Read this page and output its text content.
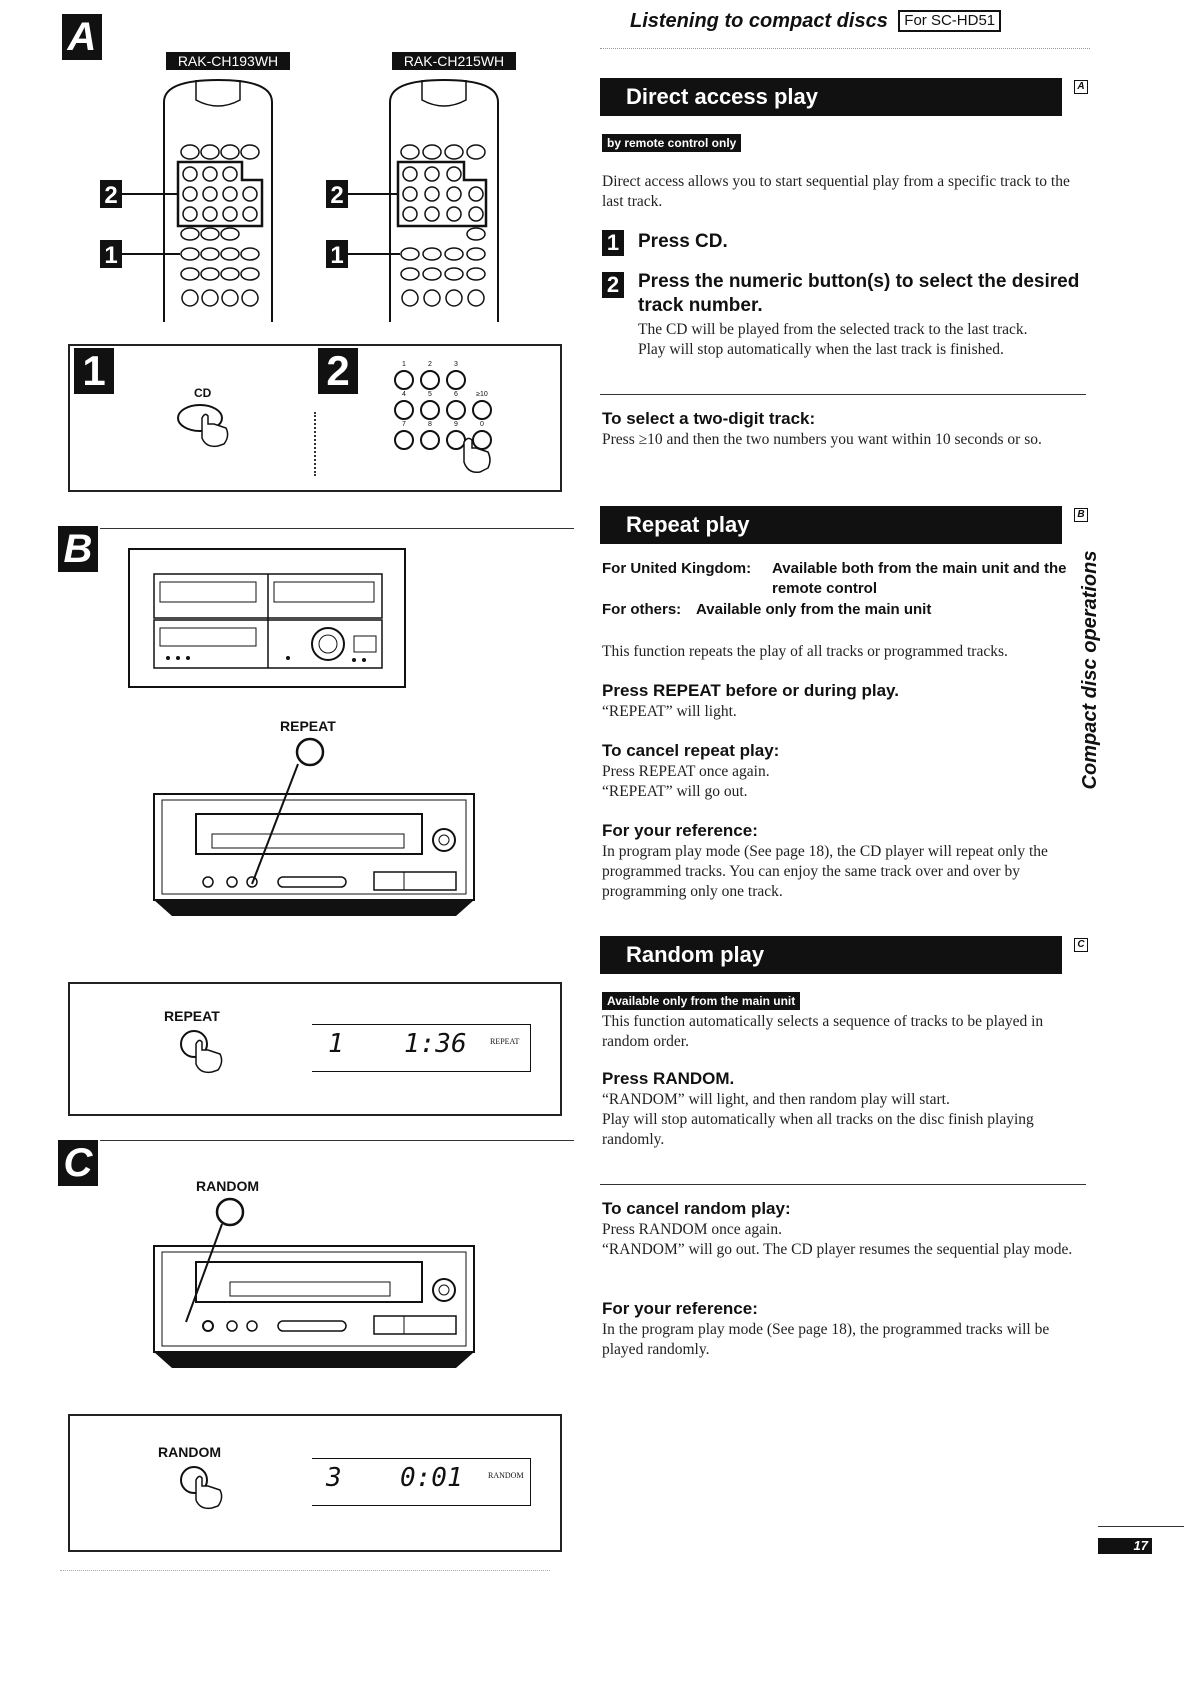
Listening to compact discs For SC-HD51
A
RAK-CH193WH	RAK-CH215WH
2
1
2
1
1	2
CD
1	2	3
4	5	6	≥10
7	8	9	0
B
REPEAT
REPEAT
1 1:36	REPEAT
C
RANDOM
RANDOM
3 0:01	RANDOM
Direct access play	A
by remote control only
Direct access allows you to start sequential play from a specific track to the last track.
1 Press CD.
2 Press the numeric button(s) to select the desired track number.
The CD will be played from the selected track to the last track.
Play will stop automatically when the last track is finished.
To select a two-digit track:
Press ≥10 and then the two numbers you want within 10 seconds or so.
Repeat play	B
For United Kingdom: Available both from the main unit and the
remote control
For others: Available only from the main unit
This function repeats the play of all tracks or programmed tracks.
Press REPEAT before or during play.
“REPEAT” will light.
To cancel repeat play:
Press REPEAT once again.
“REPEAT” will go out.
For your reference:
In program play mode (See page 18), the CD player will repeat only the programmed tracks. You can enjoy the same track over and over by programming only one track.
Random play	C
Available only from the main unit
This function automatically selects a sequence of tracks to be played in random order.
Press RANDOM.
“RANDOM” will light, and then random play will start.
Play will stop automatically when all tracks on the disc finish playing randomly.
To cancel random play:
Press RANDOM once again.
“RANDOM” will go out. The CD player resumes the sequential play mode.
For your reference:
In the program play mode (See page 18), the programmed tracks will be played randomly.
Compact disc operations
17
